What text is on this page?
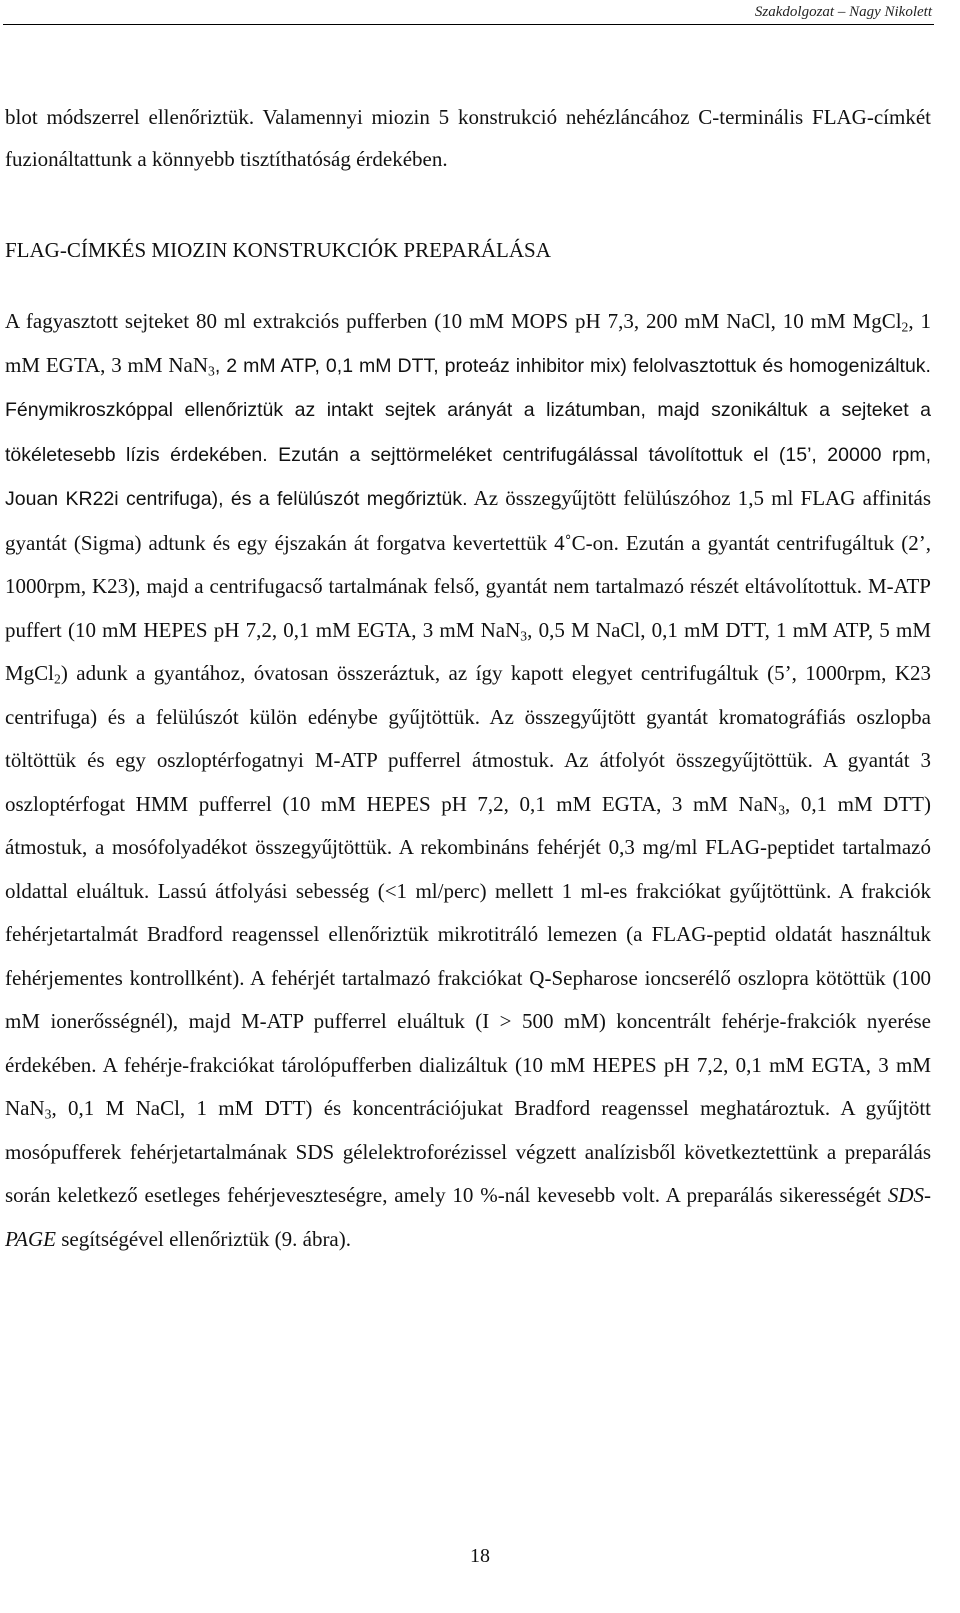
Szakdolgozat – Nagy Nikolett
blot módszerrel ellenőriztük. Valamennyi miozin 5 konstrukció nehézláncához C-terminális FLAG-címkét fuzionáltattunk a könnyebb tisztíthatóság érdekében.
FLAG-CÍMKÉS MIOZIN KONSTRUKCIÓK PREPARÁLÁSA
A fagyasztott sejteket 80 ml extrakciós pufferben (10 mM MOPS pH 7,3, 200 mM NaCl, 10 mM MgCl$_2$, 1 mM EGTA, 3 mM NaN$_3$, 2 mM ATP, 0,1 mM DTT, proteáz inhibitor mix) felolvasztottuk és homogenizáltuk. Fénymikroszkóppal ellenőriztük az intakt sejtek arányát a lizátumban, majd szonikáltuk a sejteket a tökéletesebb lízis érdekében. Ezután a sejttörmeléket centrifugálással távolítottuk el (15’, 20000 rpm, Jouan KR22i centrifuga), és a felülúszót megőriztük. Az összegyűjtött felülúszóhoz 1,5 ml FLAG affinitás gyantát (Sigma) adtunk és egy éjszakán át forgatva kevertettük 4˚C-on. Ezután a gyantát centrifugáltuk (2’, 1000rpm, K23), majd a centrifugacső tartalmának felső, gyantát nem tartalmazó részét eltávolítottuk. M-ATP puffert (10 mM HEPES pH 7,2, 0,1 mM EGTA, 3 mM NaN$_3$, 0,5 M NaCl, 0,1 mM DTT, 1 mM ATP, 5 mM MgCl$_2$) adunk a gyantához, óvatosan összeráztuk, az így kapott elegyet centrifugáltuk (5’, 1000rpm, K23 centrifuga) és a felülúszót külön edénybe gyűjtöttük. Az összegyűjtött gyantát kromatográfiás oszlopba töltöttük és egy oszloptérfogatnyi M-ATP pufferrel átmostuk. Az átfolyót összegyűjtöttük. A gyantát 3 oszloptérfogat HMM pufferrel (10 mM HEPES pH 7,2, 0,1 mM EGTA, 3 mM NaN$_3$, 0,1 mM DTT) átmostuk, a mosófolyadékot összegyűjtöttük. A rekombináns fehérjét 0,3 mg/ml FLAG-peptidet tartalmazó oldattal eluáltuk. Lassú átfolyási sebesség (<1 ml/perc) mellett 1 ml-es frakciókat gyűjtöttünk. A frakciók fehérjetartalmát Bradford reagenssel ellenőriztük mikrotitráló lemezen (a FLAG-peptid oldatát használtuk fehérjementes kontrollként). A fehérjét tartalmazó frakciókat Q-Sepharose ioncserélő oszlopra kötöttük (100 mM ionerősségnél), majd M-ATP pufferrel eluáltuk (I > 500 mM) koncentrált fehérje-frakciók nyerése érdekében. A fehérje-frakciókat tárolópufferben dializáltuk (10 mM HEPES pH 7,2, 0,1 mM EGTA, 3 mM NaN$_3$, 0,1 M NaCl, 1 mM DTT) és koncentrációjukat Bradford reagenssel meghatároztuk. A gyűjtött mosópufferek fehérjetartalmának SDS gélelektroforézissel végzett analízisből következtettünk a preparálás során keletkező esetleges fehérjeveszteségre, amely 10 %-nál kevesebb volt. A preparálás sikerességét SDS-PAGE segítségével ellenőriztük (9. ábra).
18
